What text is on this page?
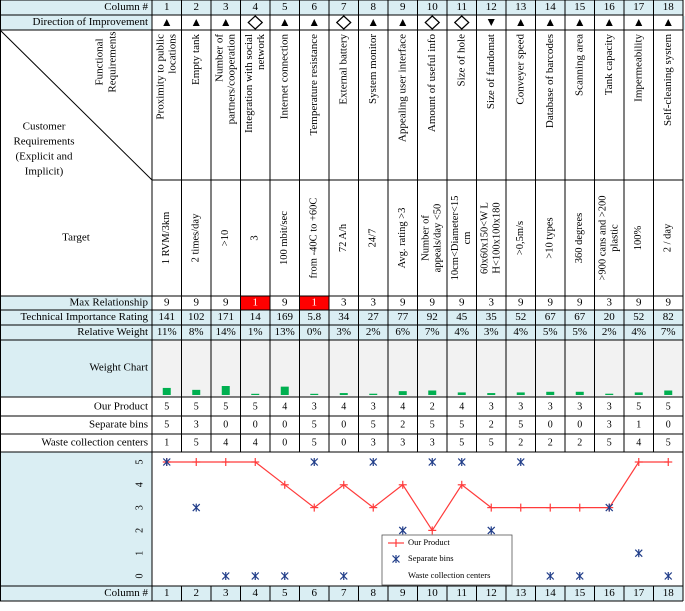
Column #
Direction of Improvement
Functional Requirements
Customer
Requirements
(Explicit and
Implicit)
Target
Max Relationship
Technical Importance Rating
Relative Weight
Weight Chart
Our Product
Separate bins
Waste collection centers
Column #
1
1
Proximity to public locations
1 RVM/3km
9
141
11%
5
5
1
2
2
Empty tank
2 times/day
9
102
8%
5
3
5
3
3
Number of partners/cooperation
>10
9
171
14%
5
0
4
4
4
Integration with social network
3
1
14
1%
5
0
4
5
5
Internet connection
100 mbit/sec
9
169
13%
4
0
0
6
6
Temperature resistance
from -40C to +60C
1
5.8
0%
3
5
5
7
7
External battery
72 A/h
3
34
3%
4
0
0
8
8
System monitor
24/7
3
27
2%
3
5
3
9
9
Appealing user interface
Avg. rating >3
9
77
6%
4
2
3
10
10
Amount of useful info
Number of appeals/day <50
9
92
7%
2
5
3
11
11
Size of hole
10cm<Diameter<15 cm
9
45
4%
4
5
5
12
12
Size of fandomat
60x60x150<W L H<100x100x180
3
35
3%
3
2
5
13
13
Conveyer speed
>0,5m/s
9
52
4%
3
5
2
14
14
Database of barcodes
>10 types
9
67
5%
3
0
2
15
15
Scanning area
360 degrees
9
67
5%
3
0
2
16
16
Tank capacity
>900 cans and >200 plastic
3
20
2%
3
3
5
17
17
Impermeability
100%
9
52
4%
5
1
4
18
18
Self-cleaning system
2 / day
9
82
7%
5
0
5
0
1
2
3
4
5
Our Product
Separate bins
Waste collection centers
